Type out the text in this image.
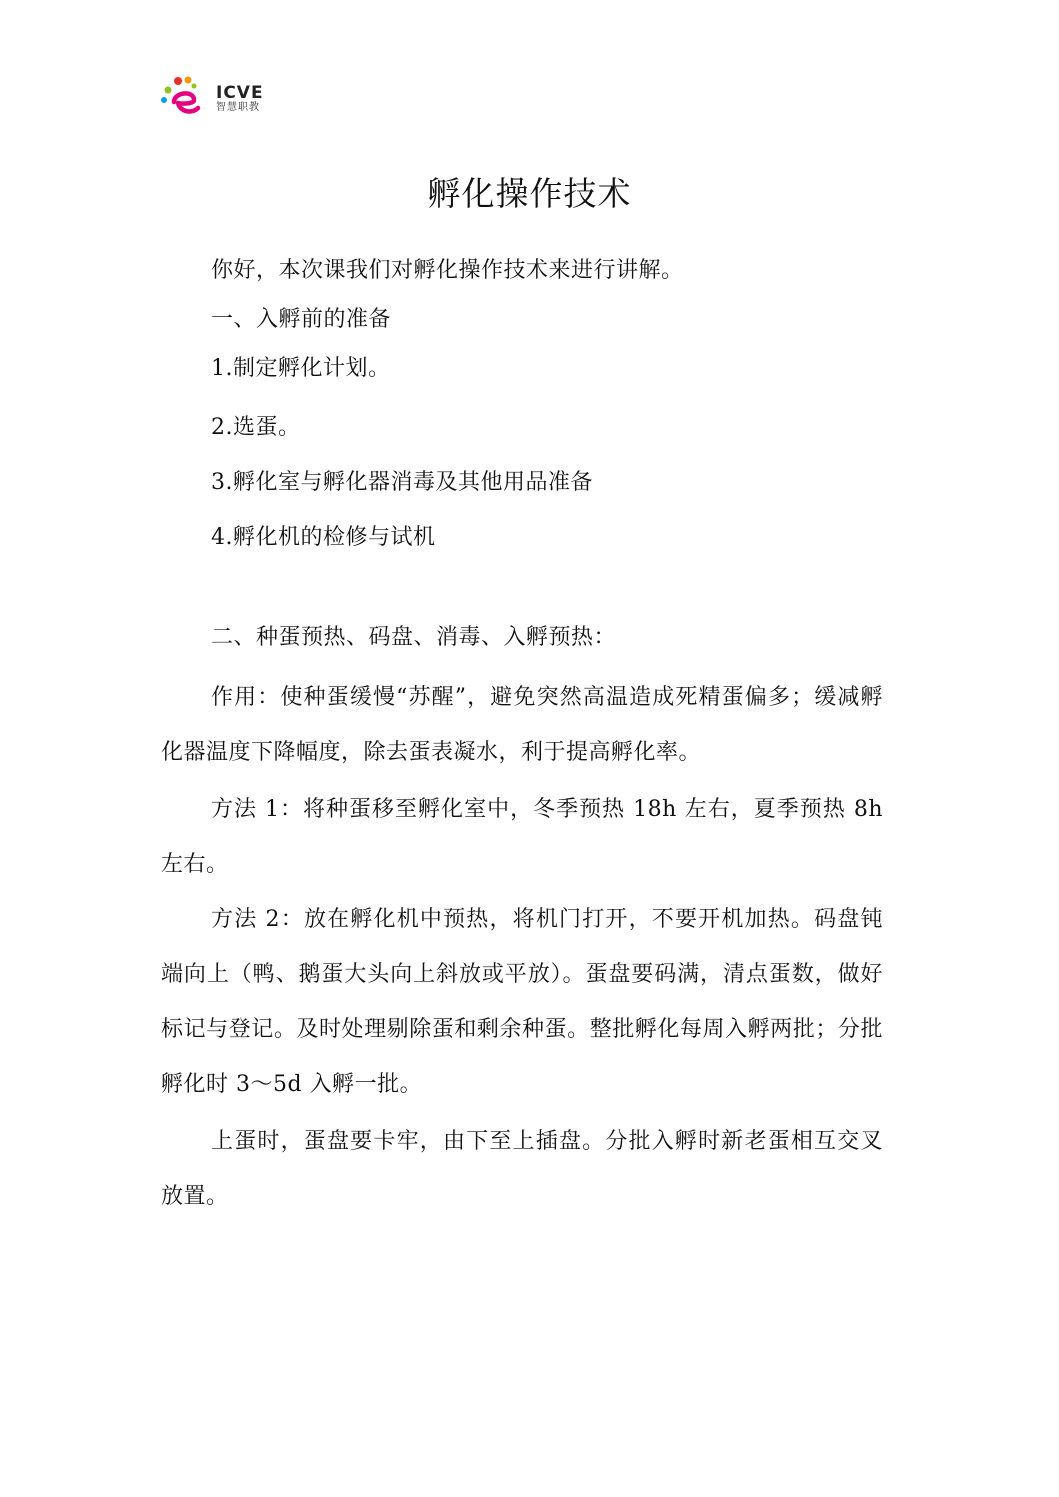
ICVE
智慧职教
孵化操作技术

你好，本次课我们对孵化操作技术来进行讲解。

一、入孵前的准备

1.制定孵化计划。

2.选蛋。

3.孵化室与孵化器消毒及其他用品准备

4.孵化机的检修与试机

二、种蛋预热、码盘、消毒、入孵预热：

作用：使种蛋缓慢“苏醒”，避免突然高温造成死精蛋偏多；缓减孵化器温度下降幅度，除去蛋表凝水，利于提高孵化率。

方法 1：将种蛋移至孵化室中，冬季预热 18h 左右，夏季预热 8h 左右。

方法 2：放在孵化机中预热，将机门打开，不要开机加热。码盘钝端向上（鸭、鹅蛋大头向上斜放或平放）。蛋盘要码满，清点蛋数，做好标记与登记。及时处理剔除蛋和剩余种蛋。整批孵化每周入孵两批；分批孵化时 3～5d 入孵一批。

上蛋时，蛋盘要卡牢，由下至上插盘。分批入孵时新老蛋相互交叉放置。
